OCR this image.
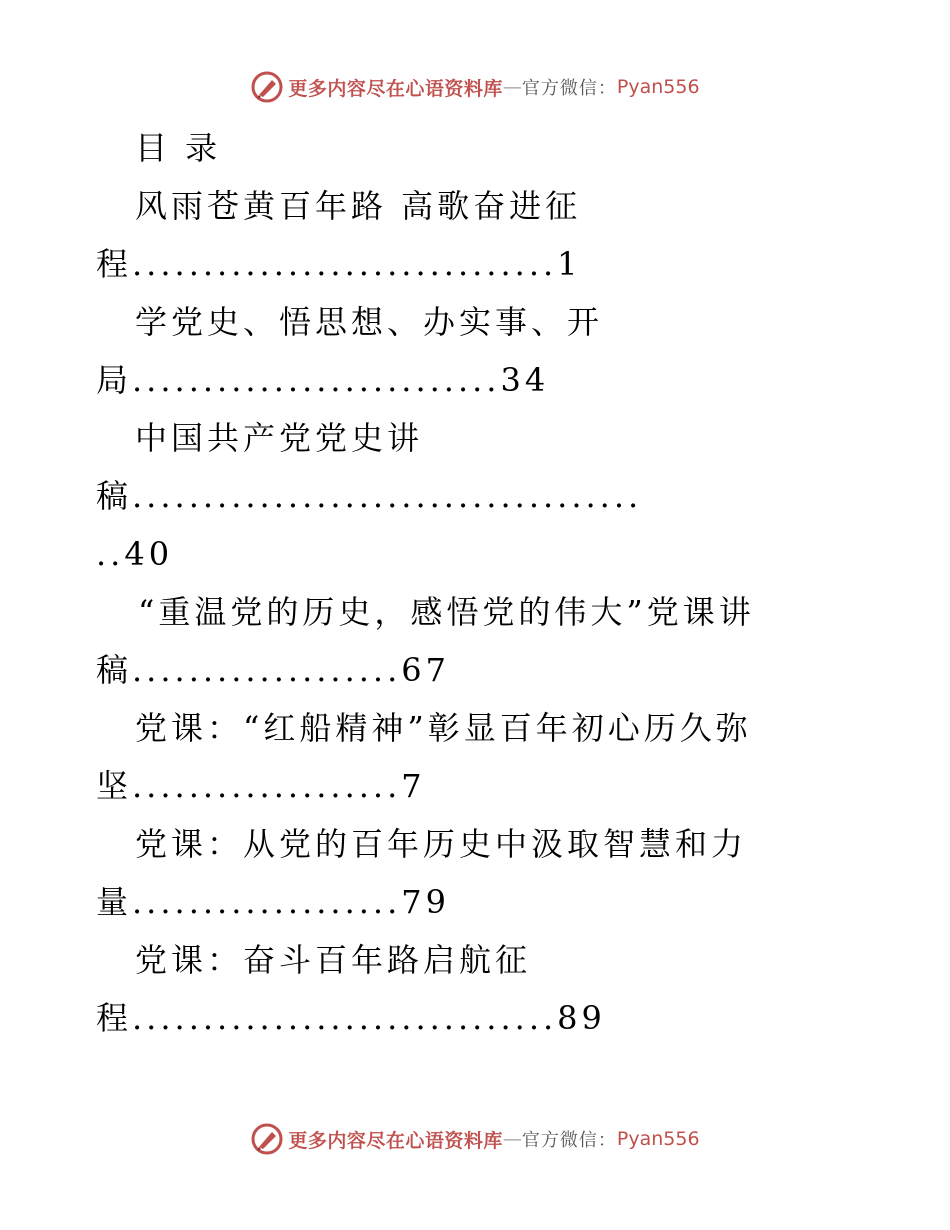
更多内容尽在心语资料库 — 官方微信： Pyan556
目 录
风雨苍黄百年路 高歌奋进征
程..............................1
学党史、悟思想、办实事、开
局..........................34
中国共产党党史讲
稿....................................
..40
“重温党的历史，感悟党的伟大”党课讲
稿...................67
党课：“红船精神”彰显百年初心历久弥
坚...................7
党课：从党的百年历史中汲取智慧和力
量...................79
党课：奋斗百年路启航征
程..............................89
更多内容尽在心语资料库 — 官方微信： Pyan556
